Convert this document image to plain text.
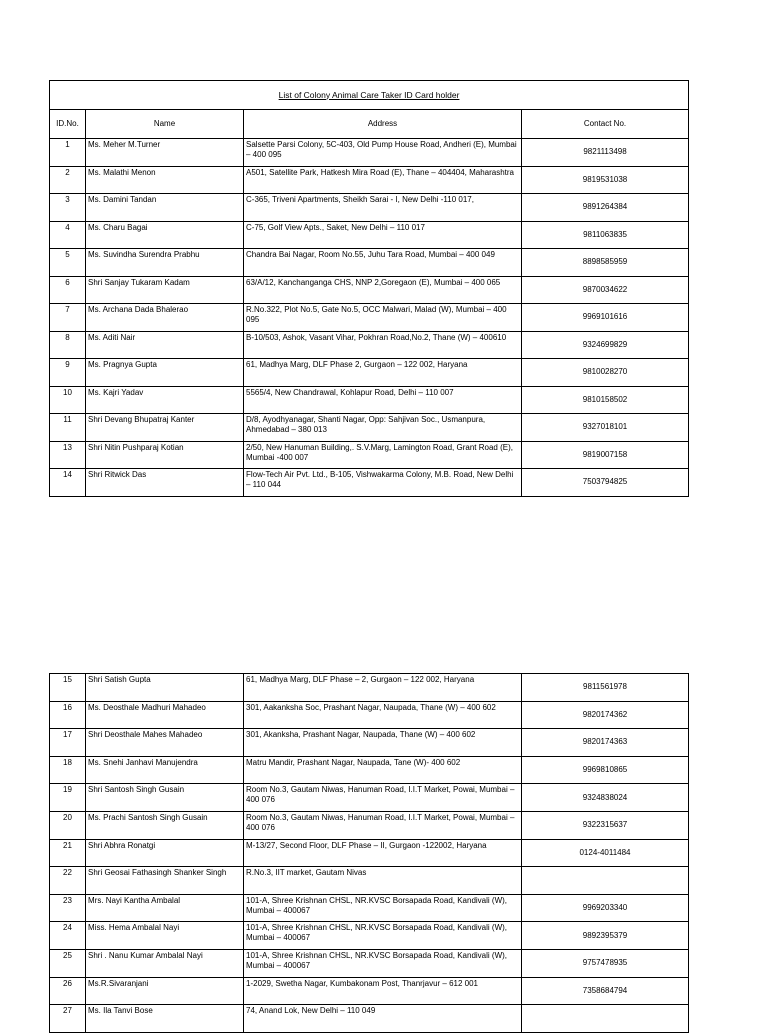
List of Colony Animal Care Taker ID Card holder			
ID.No.	Name	Address	Contact No.
1	Ms. Meher M.Turner	Salsette Parsi Colony, 5C-403, Old Pump House Road, Andheri (E), Mumbai – 400 095	9821113498
2	Ms. Malathi Menon	A501, Satellite Park, Hatkesh Mira Road (E), Thane – 404404, Maharashtra	9819531038
3	Ms. Damini Tandan	C-365, Triveni Apartments, Sheikh Sarai - I, New Delhi -110 017,	9891264384
4	Ms. Charu Bagai	C-75, Golf View Apts., Saket, New Delhi – 110 017	9811063835
5	Ms. Suvindha Surendra Prabhu	Chandra Bai Nagar, Room No.55, Juhu Tara Road, Mumbai – 400 049	8898585959
6	Shri Sanjay Tukaram Kadam	63/A/12, Kanchanganga CHS, NNP 2,Goregaon (E), Mumbai – 400 065	9870034622
7	Ms. Archana Dada Bhalerao	R.No.322, Plot No.5, Gate No.5, OCC Malwari, Malad (W), Mumbai – 400 095	9969101616
8	Ms. Aditi Nair	B-10/503, Ashok, Vasant Vihar, Pokhran Road,No.2, Thane (W) – 400610	9324699829
9	Ms. Pragnya Gupta	61, Madhya Marg, DLF Phase 2, Gurgaon – 122 002, Haryana	9810028270
10	Ms. Kajri Yadav	5565/4, New Chandrawal, Kohlapur Road, Delhi – 110 007	9810158502
11	Shri Devang Bhupatraj Kanter	D/8, Ayodhyanagar, Shanti Nagar, Opp: Sahjivan Soc., Usmanpura, Ahmedabad – 380 013	9327018101
13	Shri Nitin Pushparaj Kotian	2/50, New Hanuman Building,. S.V.Marg, Lamington Road, Grant Road (E), Mumbai -400 007	9819007158
14	Shri Ritwick Das	Flow-Tech Air Pvt. Ltd., B-105, Vishwakarma Colony, M.B. Road, New Delhi – 110 044	7503794825
15	Shri Satish Gupta	61, Madhya Marg, DLF Phase – 2, Gurgaon – 122 002, Haryana	9811561978
16	Ms. Deosthale Madhuri Mahadeo	301, Aakanksha Soc, Prashant Nagar, Naupada, Thane (W) – 400 602	9820174362
17	Shri Deosthale Mahes Mahadeo	301, Akanksha, Prashant Nagar, Naupada, Thane (W) – 400 602	9820174363
18	Ms. Snehi Janhavi Manujendra	Matru Mandir, Prashant Nagar, Naupada, Tane (W)- 400 602	9969810865
19	Shri Santosh Singh Gusain	Room No.3, Gautam Niwas, Hanuman Road, I.I.T Market, Powai, Mumbai – 400 076	9324838024
20	Ms. Prachi Santosh Singh Gusain	Room No.3, Gautam Niwas, Hanuman Road, I.I.T Market, Powai, Mumbai – 400 076	9322315637
21	Shri Abhra Ronatgi	M-13/27, Second Floor, DLF Phase – II, Gurgaon -122002, Haryana	0124-4011484
22	Shri Geosai Fathasingh Shanker Singh	R.No.3, IIT market, Gautam Nivas	
23	Mrs. Nayi Kantha Ambalal	101-A, Shree Krishnan CHSL, NR.KVSC Borsapada Road, Kandivali (W), Mumbai – 400067	9969203340
24	Miss. Hema Ambalal Nayi	101-A, Shree Krishnan CHSL, NR.KVSC Borsapada Road, Kandivali (W), Mumbai – 400067	9892395379
25	Shri . Nanu Kumar Ambalal Nayi	101-A, Shree Krishnan CHSL, NR.KVSC Borsapada Road, Kandivali (W), Mumbai – 400067	9757478935
26	Ms.R.Sivaranjani	1-2029, Swetha Nagar, Kumbakonam Post, Thanrjavur – 612 001	7358684794
27	Ms. Ila Tanvi Bose	74, Anand Lok, New Delhi – 110 049	
